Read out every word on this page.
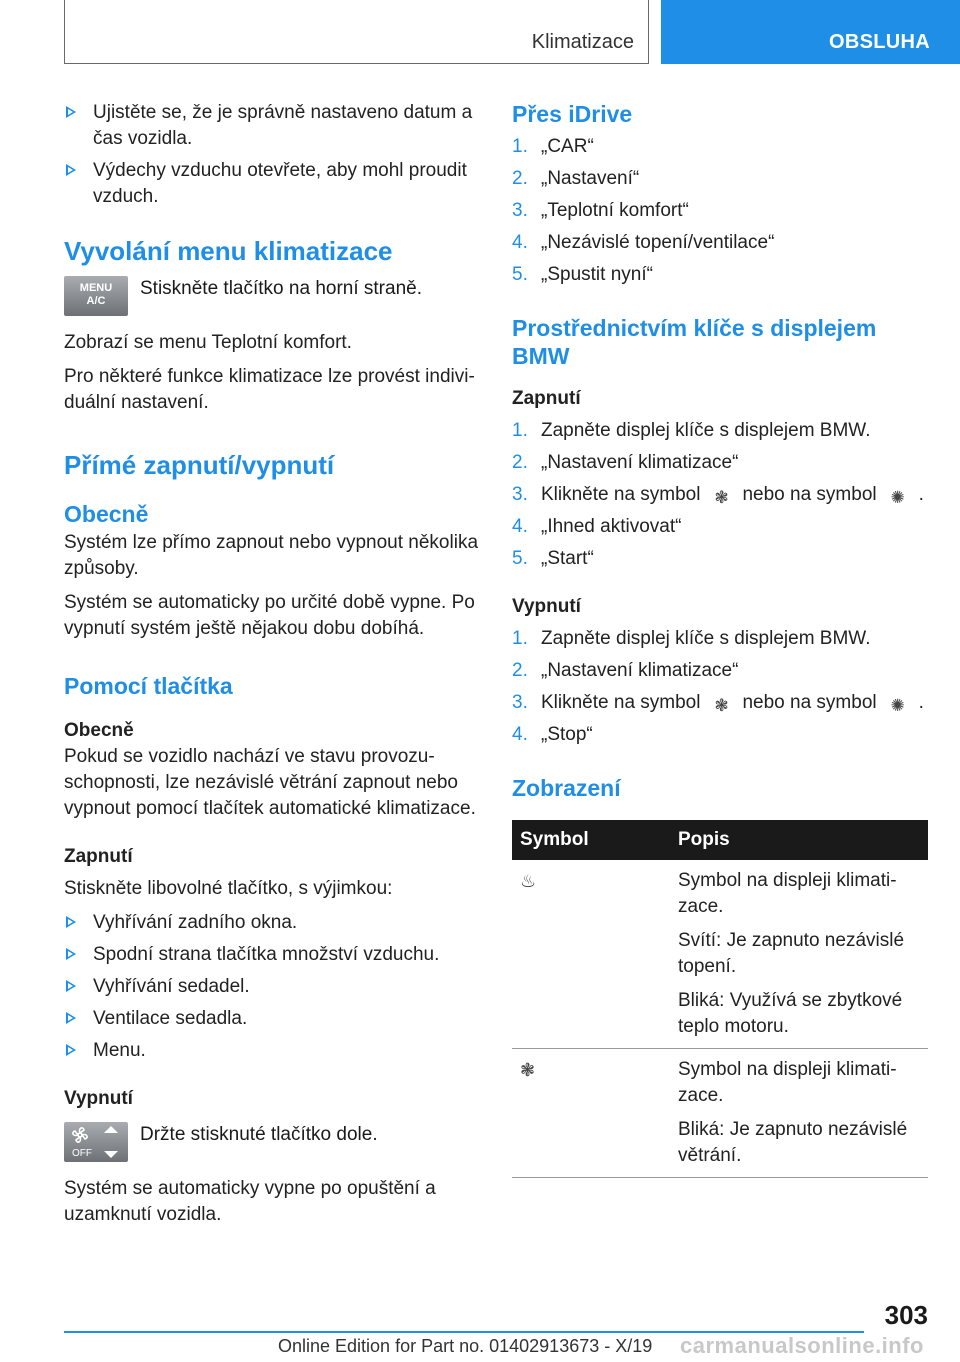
Klimatizace	OBSLUHA
Ujistěte se, že je správně nastaveno datum a čas vozidla.
Výdechy vzduchu otevřete, aby mohl proudit vzduch.
Vyvolání menu klimatizace
MENU
A/C
Stiskněte tlačítko na horní straně.

Zobrazí se menu Teplotní komfort.

Pro některé funkce klimatizace lze provést indivi-duální nastavení.

Přímé zapnutí/vypnutí
Obecně

Systém lze přímo zapnout nebo vypnout několika způsoby.

Systém se automaticky po určité době vypne. Po vypnutí systém ještě nějakou dobu dobíhá.

Pomocí tlačítka
Obecně

Pokud se vozidlo nachází ve stavu provozu-schopnosti, lze nezávislé větrání zapnout nebo vypnout pomocí tlačítek automatické klimatizace.

Zapnutí

Stiskněte libovolné tlačítko, s výjimkou:

Vyhřívání zadního okna.
Spodní strana tlačítka množství vzduchu.
Vyhřívání sedadel.
Ventilace sedadla.
Menu.
Vypnutí
OFF
Držte stisknuté tlačítko dole.

Systém se automaticky vypne po opuštění a uzamknutí vozidla.

Přes iDrive
1. „CAR“
2. „Nastavení“
3. „Teplotní komfort“
4. „Nezávislé topení/ventilace“
5. „Spustit nyní“
Prostřednictvím klíče s displejem BMW
Zapnutí
1. Zapněte displej klíče s displejem BMW.
2. „Nastavení klimatizace“
3. Klikněte na symbol ❃ nebo na symbol ✺ .
4. „Ihned aktivovat“
5. „Start“
Vypnutí
1. Zapněte displej klíče s displejem BMW.
2. „Nastavení klimatizace“
3. Klikněte na symbol ❃ nebo na symbol ✺ .
4. „Stop“
Zobrazení
Symbol	Popis
♨	Symbol na displeji klimati-zace.

Svítí: Je zapnuto nezávislé topení.

Bliká: Využívá se zbytkové teplo motoru.

❃	Symbol na displeji klimati-zace.

Bliká: Je zapnuto nezávislé větrání.

303
Online Edition for Part no. 01402913673 - X/19 carmanualsonline.info
